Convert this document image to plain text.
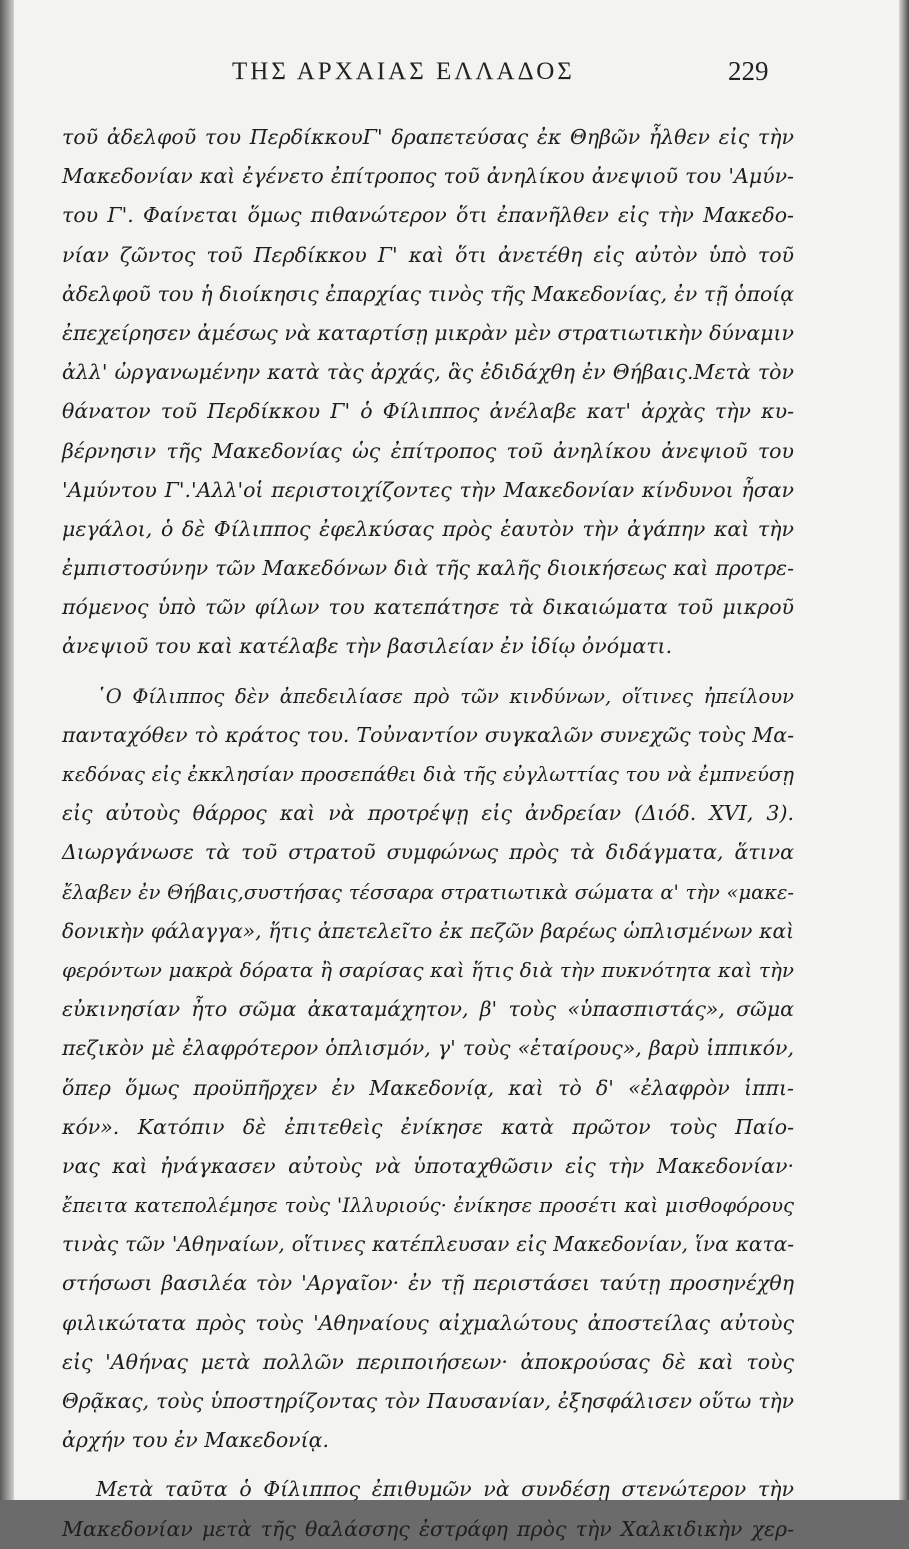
ΤΗΣ ΑΡΧΑΙΑΣ ΕΛΛΑΔΟΣ	229
τοῦ ἀδελφοῦ του ΠερδίκκουΓ' δραπετεύσας ἐκ Θηβῶν ἦλθεν εἰς τὴν
Μακεδονίαν καὶ ἐγένετο ἐπίτροπος τοῦ ἀνηλίκου ἀνεψιοῦ του 'Αμύν-
του Γ'. Φαίνεται ὅμως πιθανώτερον ὅτι ἐπανῆλθεν εἰς τὴν Μακεδο-
νίαν ζῶντος τοῦ Περδίκκου Γ' καὶ ὅτι ἀνετέθη εἰς αὐτὸν ὑπὸ τοῦ
ἀδελφοῦ του ἡ διοίκησις ἐπαρχίας τινὸς τῆς Μακεδονίας, ἐν τῇ ὁποίᾳ
ἐπεχείρησεν ἀμέσως νὰ καταρτίσῃ μικρὰν μὲν στρατιωτικὴν δύναμιν
ἀλλ' ὠργανωμένην κατὰ τὰς ἀρχάς, ἃς ἐδιδάχθη ἐν Θήβαις.Μετὰ τὸν
θάνατον τοῦ Περδίκκου Γ' ὁ Φίλιππος ἀνέλαβε κατ' ἀρχὰς τὴν κυ-
βέρνησιν τῆς Μακεδονίας ὡς ἐπίτροπος τοῦ ἀνηλίκου ἀνεψιοῦ του
'Αμύντου Γ'.'Αλλ'οἱ περιστοιχίζοντες τὴν Μακεδονίαν κίνδυνοι ἦσαν
μεγάλοι, ὁ δὲ Φίλιππος ἐφελκύσας πρὸς ἑαυτὸν τὴν ἀγάπην καὶ τὴν
ἐμπιστοσύνην τῶν Μακεδόνων διὰ τῆς καλῆς διοικήσεως καὶ προτρε-
πόμενος ὑπὸ τῶν φίλων του κατεπάτησε τὰ δικαιώματα τοῦ μικροῦ
ἀνεψιοῦ του καὶ κατέλαβε τὴν βασιλείαν ἐν ἰδίῳ ὀνόματι.
῾Ο Φίλιππος δὲν ἀπεδειλίασε πρὸ τῶν κινδύνων, οἵτινες ἠπείλουν
πανταχόθεν τὸ κράτος του. Τοὐναντίον συγκαλῶν συνεχῶς τοὺς Μα-
κεδόνας εἰς ἐκκλησίαν προσεπάθει διὰ τῆς εὐγλωττίας του νὰ ἐμπνεύσῃ
εἰς αὐτοὺς θάρρος καὶ νὰ προτρέψῃ εἰς ἀνδρείαν (Διόδ. XVI, 3).
Διωργάνωσε τὰ τοῦ στρατοῦ συμφώνως πρὸς τὰ διδάγματα, ἅτινα
ἔλαβεν ἐν Θήβαις,συστήσας τέσσαρα στρατιωτικὰ σώματα α' τὴν «μακε-
δονικὴν φάλαγγα», ἥτις ἀπετελεῖτο ἐκ πεζῶν βαρέως ὡπλισμένων καὶ
φερόντων μακρὰ δόρατα ἢ σαρίσας καὶ ἥτις διὰ τὴν πυκνότητα καὶ τὴν
εὐκινησίαν ἦτο σῶμα ἀκαταμάχητον, β' τοὺς «ὑπασπιστάς», σῶμα
πεζικὸν μὲ ἐλαφρότερον ὁπλισμόν, γ' τοὺς «ἑταίρους», βαρὺ ἱππικόν,
ὅπερ ὅμως προϋπῆρχεν ἐν Μακεδονίᾳ, καὶ τὸ δ' «ἐλαφρὸν ἱππι-
κόν». Κατόπιν δὲ ἐπιτεθεὶς ἐνίκησε κατὰ πρῶτον τοὺς Παίο-
νας καὶ ἠνάγκασεν αὐτοὺς νὰ ὑποταχθῶσιν εἰς τὴν Μακεδονίαν·
ἔπειτα κατεπολέμησε τοὺς 'Ιλλυριούς· ἐνίκησε προσέτι καὶ μισθοφόρους
τινὰς τῶν 'Αθηναίων, οἵτινες κατέπλευσαν εἰς Μακεδονίαν, ἵνα κατα-
στήσωσι βασιλέα τὸν 'Αργαῖον· ἐν τῇ περιστάσει ταύτῃ προσηνέχθη
φιλικώτατα πρὸς τοὺς 'Αθηναίους αἰχμαλώτους ἀποστείλας αὐτοὺς
εἰς 'Αθήνας μετὰ πολλῶν περιποιήσεων· ἀποκρούσας δὲ καὶ τοὺς
Θρᾷκας, τοὺς ὑποστηρίζοντας τὸν Παυσανίαν, ἐξησφάλισεν οὕτω τὴν
ἀρχήν του ἐν Μακεδονίᾳ.
Μετὰ ταῦτα ὁ Φίλιππος ἐπιθυμῶν νὰ συνδέσῃ στενώτερον τὴν
Μακεδονίαν μετὰ τῆς θαλάσσης ἐστράφη πρὸς τὴν Χαλκιδικὴν χερ-
